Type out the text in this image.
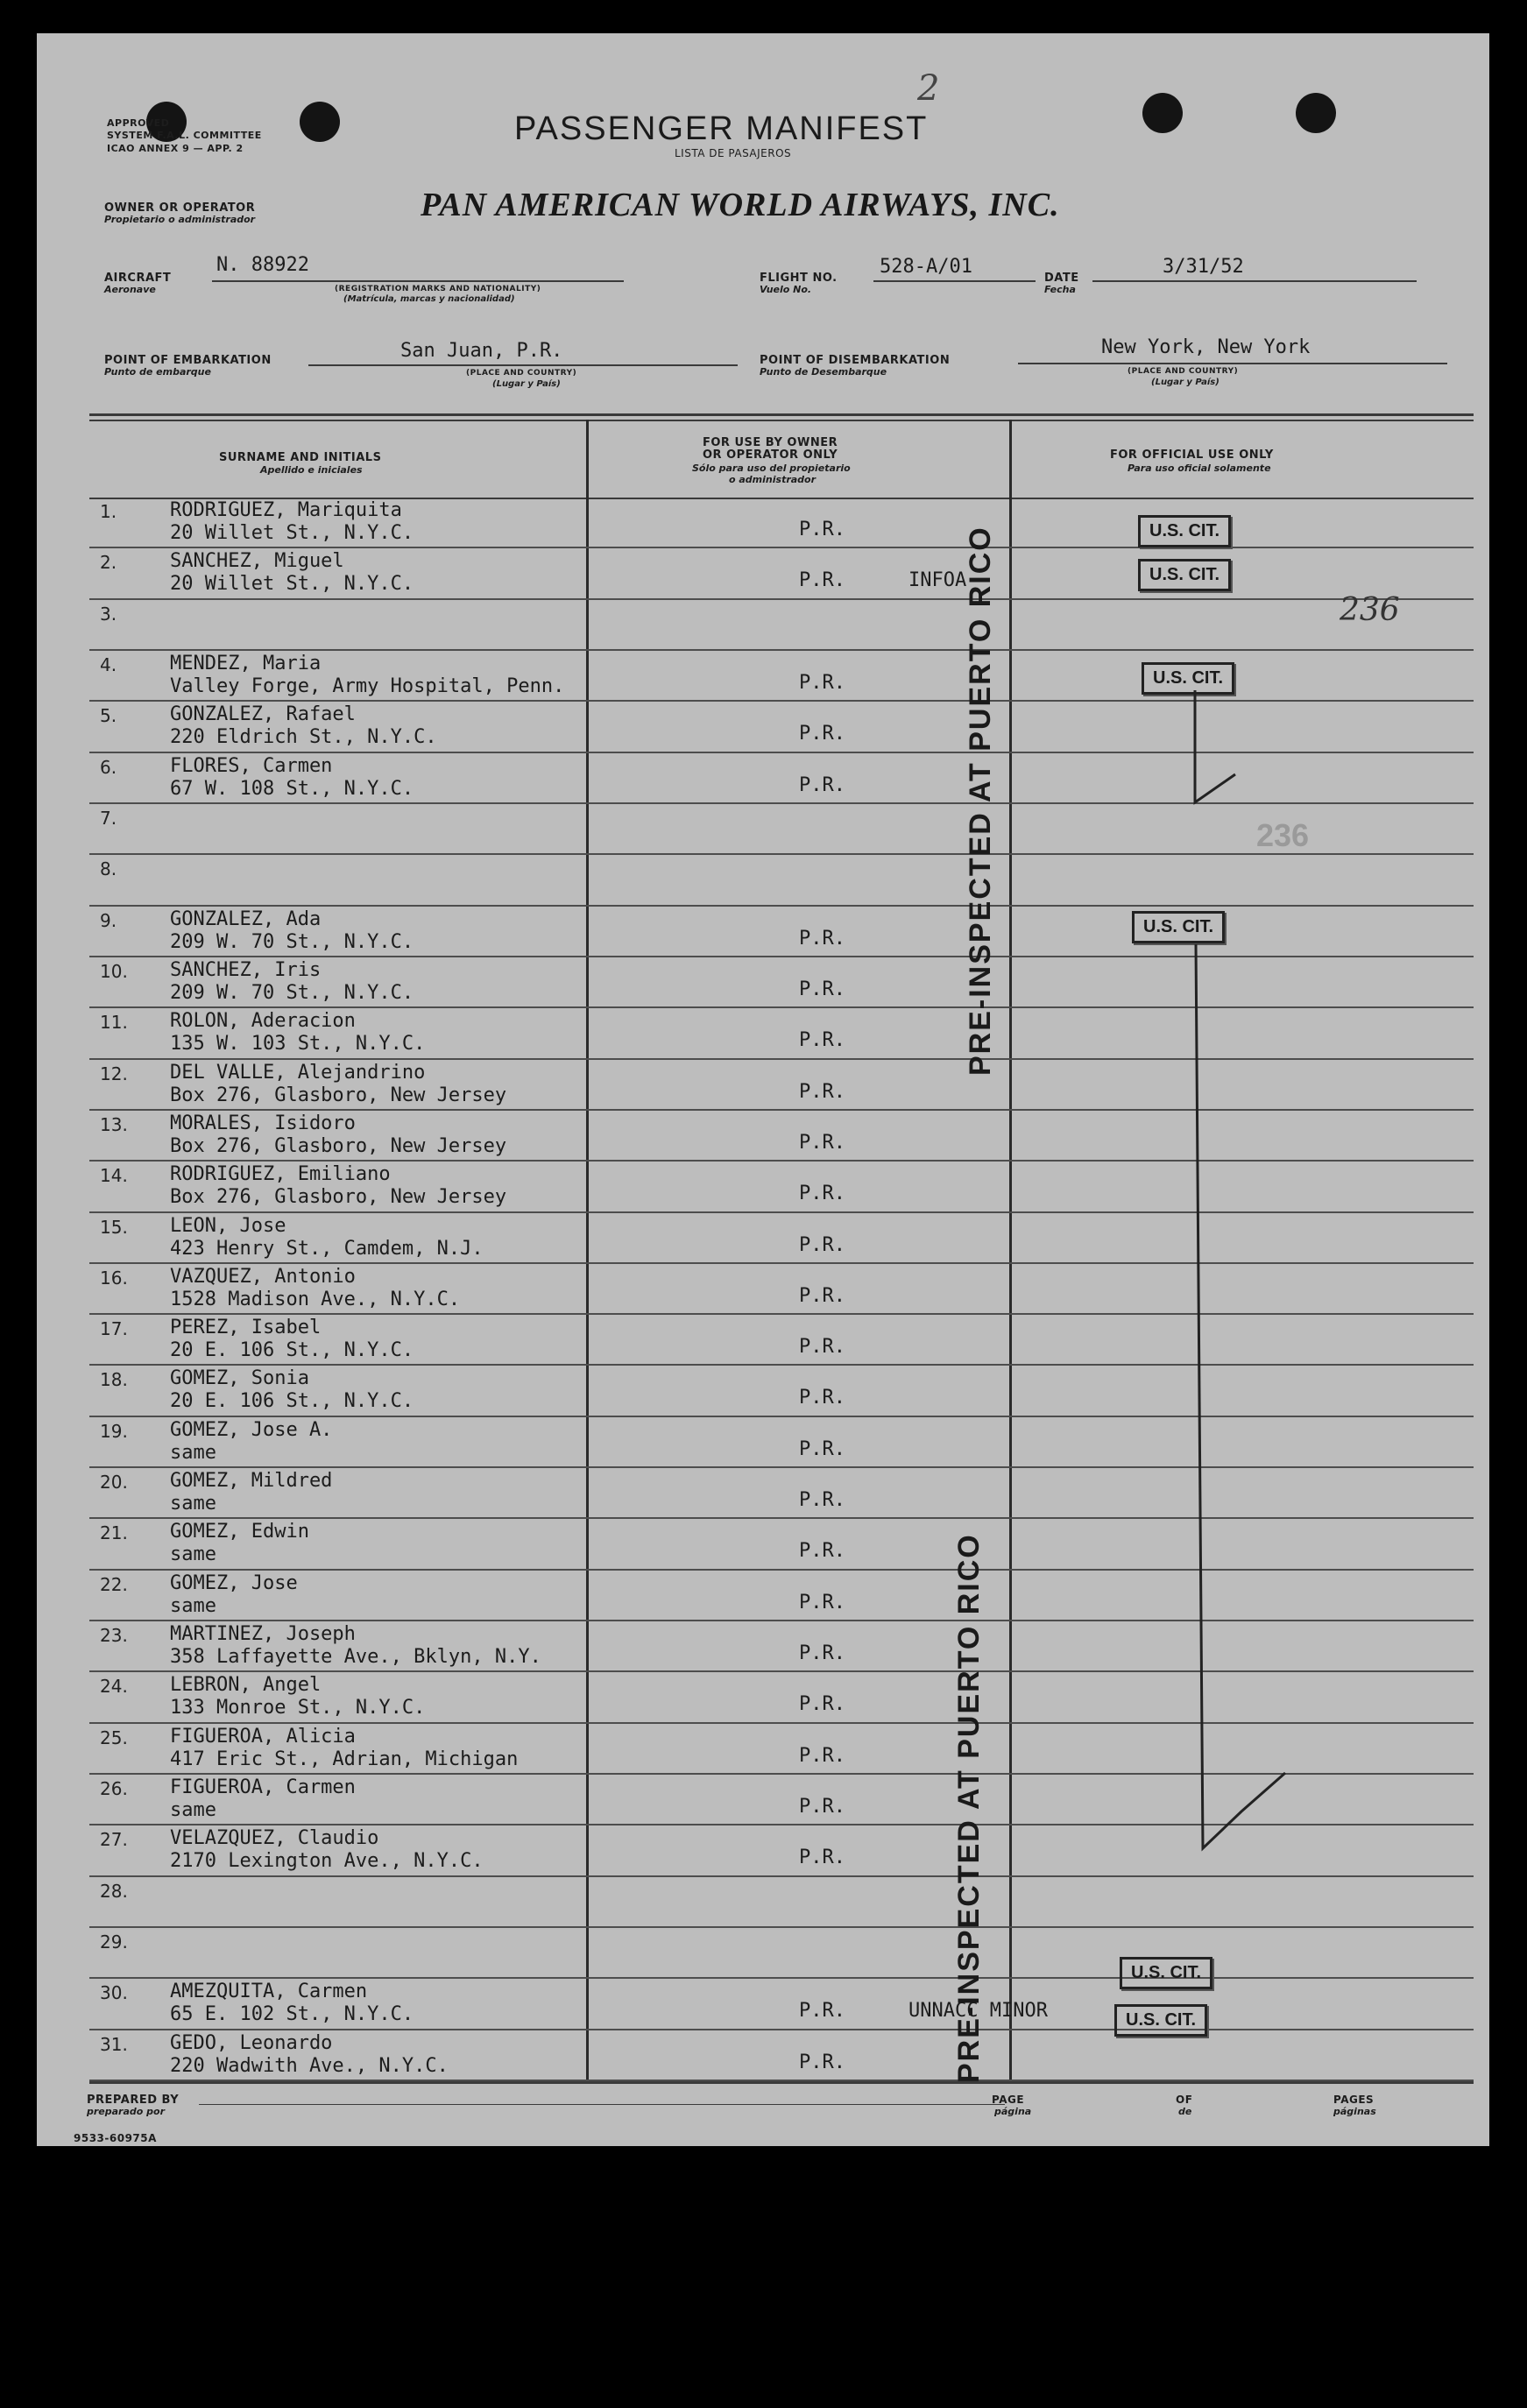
2
APPROVED
SYSTEM F.A.L. COMMITTEE
ICAO ANNEX 9 — APP. 2
PASSENGER MANIFEST
LISTA DE PASAJEROS
OWNER OR OPERATOR
Propietario o administrador	PAN AMERICAN WORLD AIRWAYS, INC.
AIRCRAFT
Aeronave
N. 88922
(REGISTRATION MARKS AND NATIONALITY)
(Matrícula, marcas y nacionalidad)
FLIGHT NO.
Vuelo No.
528-A/01
DATE
Fecha
3/31/52
POINT OF EMBARKATION
Punto de embarque
San Juan, P.R.
(PLACE AND COUNTRY)
(Lugar y País)
POINT OF DISEMBARKATION
Punto de Desembarque
New York, New York
(PLACE AND COUNTRY)
(Lugar y País)
SURNAME AND INITIALS
Apellido e iniciales
FOR USE BY OWNER
OR OPERATOR ONLY
Sólo para uso del propietario
o administrador
FOR OFFICIAL USE ONLY
Para uso oficial solamente
1.	RODRIGUEZ, Mariquita
20 Willet St., N.Y.C.	P.R.
2.	SANCHEZ, Miguel
20 Willet St., N.Y.C.	P.R.	INFOA
3.
4.	MENDEZ, Maria
Valley Forge, Army Hospital, Penn.	P.R.
5.	GONZALEZ, Rafael
220 Eldrich St., N.Y.C.	P.R.
6.	FLORES, Carmen
67 W. 108 St., N.Y.C.	P.R.
7.
8.
9.	GONZALEZ, Ada
209 W. 70 St., N.Y.C.	P.R.
10. SANCHEZ, Iris
209 W. 70 St., N.Y.C.	P.R.
11. ROLON, Aderacion
135 W. 103 St., N.Y.C.	P.R.
12. DEL VALLE, Alejandrino
Box 276, Glasboro, New Jersey	P.R.
13. MORALES, Isidoro
Box 276, Glasboro, New Jersey	P.R.
14. RODRIGUEZ, Emiliano
Box 276, Glasboro, New Jersey	P.R.
15. LEON, Jose
423 Henry St., Camdem, N.J.	P.R.
16. VAZQUEZ, Antonio
1528 Madison Ave., N.Y.C.	P.R.
17. PEREZ, Isabel
20 E. 106 St., N.Y.C.	P.R.
18. GOMEZ, Sonia
20 E. 106 St., N.Y.C.	P.R.
19. GOMEZ, Jose A.
same	P.R.
20. GOMEZ, Mildred
same	P.R.
21. GOMEZ, Edwin
same	P.R.
22. GOMEZ, Jose
same	P.R.
23. MARTINEZ, Joseph
358 Laffayette Ave., Bklyn, N.Y.	P.R.
24. LEBRON, Angel
133 Monroe St., N.Y.C.	P.R.
25. FIGUEROA, Alicia
417 Eric St., Adrian, Michigan	P.R.
26. FIGUEROA, Carmen
same	P.R.
27. VELAZQUEZ, Claudio
2170 Lexington Ave., N.Y.C.	P.R.
28.
29.
30. AMEZQUITA, Carmen
65 E. 102 St., N.Y.C.	P.R.	UNNACC MINOR
31. GEDO, Leonardo
220 Wadwith Ave., N.Y.C.	P.R.
U.S. CIT.
U.S. CIT.
U.S. CIT.
U.S. CIT.
U.S. CIT.
U.S. CIT.
236
236
PRE-INSPECTED AT PUERTO RICO
PRE-INSPECTED AT PUERTO RICO
PREPARED BY
preparado por
PAGE
página
OF
de
PAGES
páginas
9533-60975A
